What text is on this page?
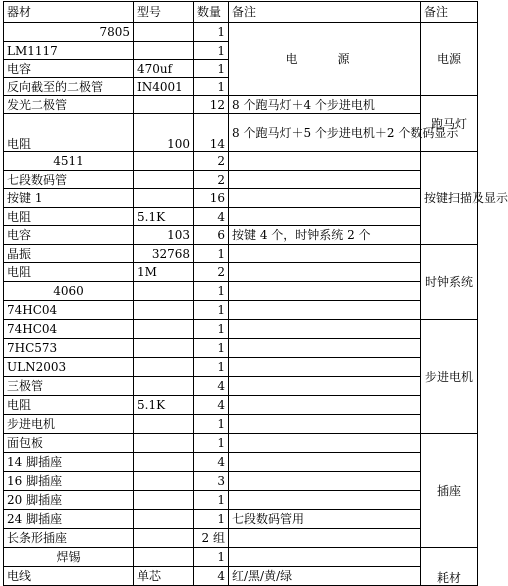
器材	型号	数量	备注	备注
7805		1	电　源	电源
LM1117		1		
电容	470uf	1		
反向截至的二极管	IN4001	1		
发光二极管		12	8 个跑马灯＋4 个步进电机	跑马灯
电阻	100	14	8 个跑马灯＋5 个步进电机＋2 个数码显示	
4511		2		按键扫描及显示
七段数码管		2		
按键 1		16		
电阻	5.1K	4		
电容	103	6	按键 4 个，时钟系统 2 个	
晶振	32768	1		时钟系统
电阻	1M	2		
4060		1		
74HC04		1		
74HC04		1		步进电机
7HC573		1		
ULN2003		1		
三极管		4		
电阻	5.1K	4		
步进电机		1		
面包板		1		插座
14 脚插座		4		
16 脚插座		3		
20 脚插座		1		
24 脚插座		1	七段数码管用	
长条形插座		2 组		
焊锡		1		耗材
电线	单芯	4	红/黑/黄/绿	
